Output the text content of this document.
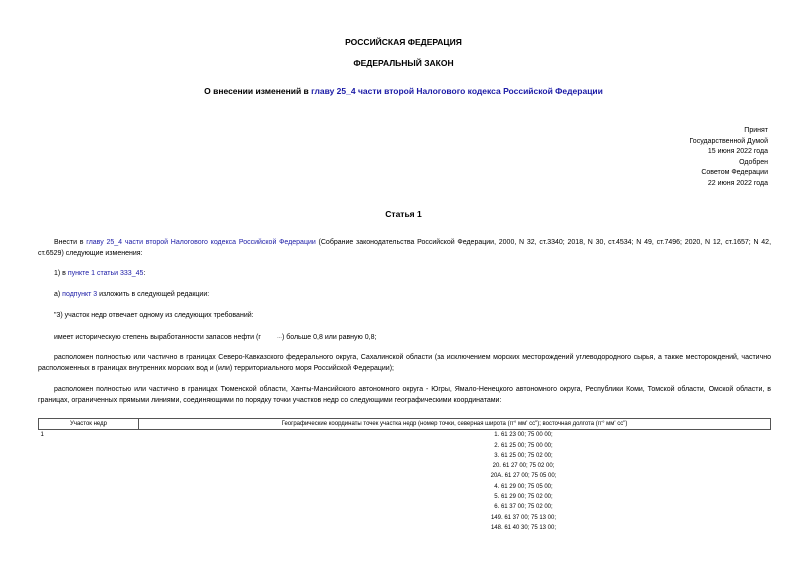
РОССИЙСКАЯ ФЕДЕРАЦИЯ
ФЕДЕРАЛЬНЫЙ ЗАКОН
О внесении изменений в главу 25_4 части второй Налогового кодекса Российской Федерации
Принят
Государственной Думой
15 июня 2022 года
Одобрен
Советом Федерации
22 июня 2022 года
Статья 1
Внести в главу 25_4 части второй Налогового кодекса Российской Федерации (Собрание законодательства Российской Федерации, 2000, N 32, ст.3340; 2018, N 30, ст.4534; N 49, ст.7496; 2020, N 12, ст.1657; N 42, ст.6529) следующие изменения:
1) в пункте 1 статьи 333_45:
а) подпункт 3 изложить в следующей редакции:
"3) участок недр отвечает одному из следующих требований:
имеет историческую степень выработанности запасов нефти (г	…) больше 0,8 или равную 0,8;
расположен полностью или частично в границах Северо-Кавказского федерального округа, Сахалинской области (за исключением морских месторождений углеводородного сырья, а также месторождений, частично расположенных в границах внутренних морских вод и (или) территориального моря Российской Федерации);
расположен полностью или частично в границах Тюменской области, Ханты-Мансийского автономного округа - Югры, Ямало-Ненецкого автономного округа, Республики Коми, Томской области, Омской области, в границах, ограниченных прямыми линиями, соединяющими по порядку точки участков недр со следующими географическими координатами:
Участок недр	Географические координаты точек участка недр (номер точки, северная широта (гг° мм' сс"); восточная долгота (гг° мм' сс")
1	1. 61 23 00; 75 00 00;
	2. 61 25 00; 75 00 00;
	3. 61 25 00; 75 02 00;
	20. 61 27 00; 75 02 00;
	20А. 61 27 00; 75 05 00;
	4. 61 29 00; 75 05 00;
	5. 61 29 00; 75 02 00;
	6. 61 37 00; 75 02 00;
	149. 61 37 00; 75 13 00;
	148. 61 40 30; 75 13 00;
